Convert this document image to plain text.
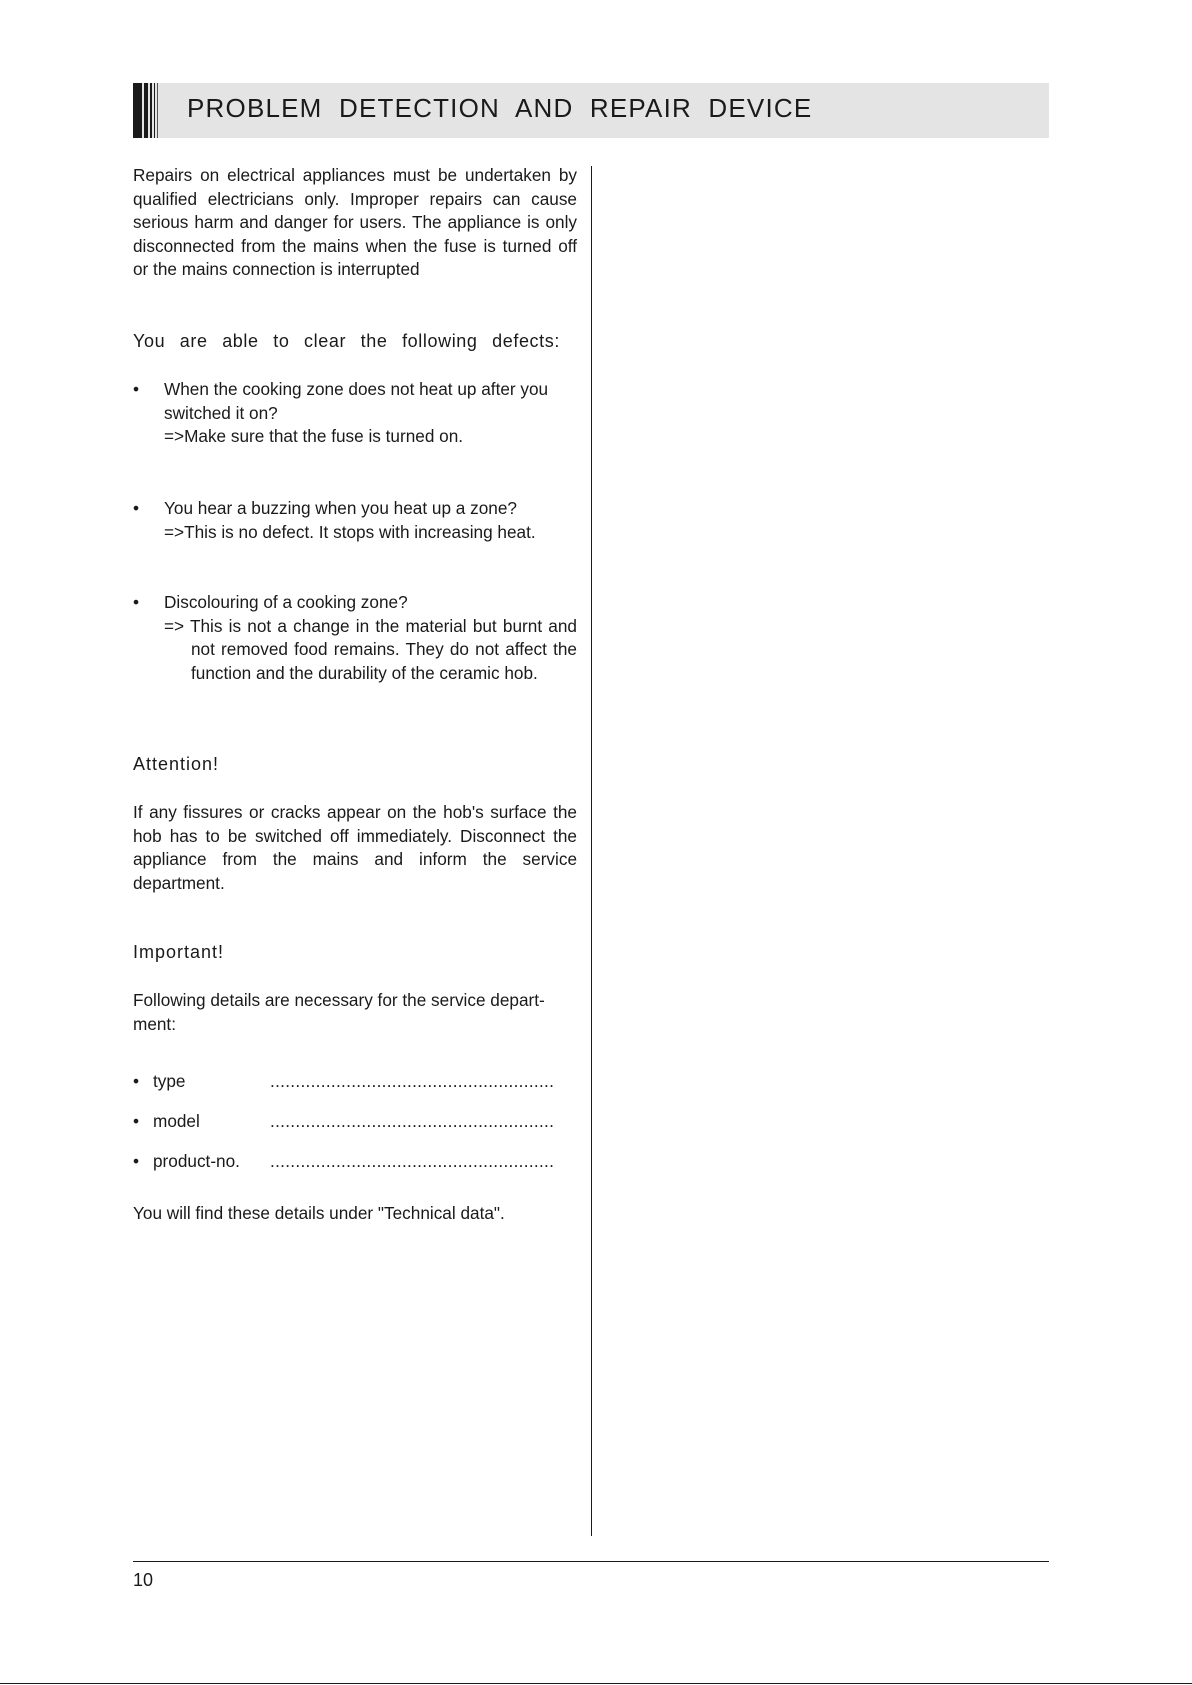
PROBLEM DETECTION AND REPAIR DEVICE
Repairs on electrical appliances must be undertaken by qualified electricians only. Improper repairs can cause serious harm and danger for users. The appliance is only disconnected from the mains when the fuse is turned off or the mains connection is interrupted
You are able to clear the following defects:
• When the cooking zone does not heat up after you switched it on?
=>Make sure that the fuse is turned on.
• You hear a buzzing when you heat up a zone?
=>This is no defect. It stops with increasing heat.
• Discolouring of a cooking zone?
=> This is not a change in the material but burnt and not removed food remains. They do not affect the function and the durability of the ceramic hob.
Attention!
If any fissures or cracks appear on the hob's surface the hob has to be switched off immediately. Disconnect the appliance from the mains and inform the service department.
Important!
Following details are necessary for the service depart-ment:
• type	........................................................
• model	........................................................
• product-no. ........................................................
You will find these details under "Technical data".
10
